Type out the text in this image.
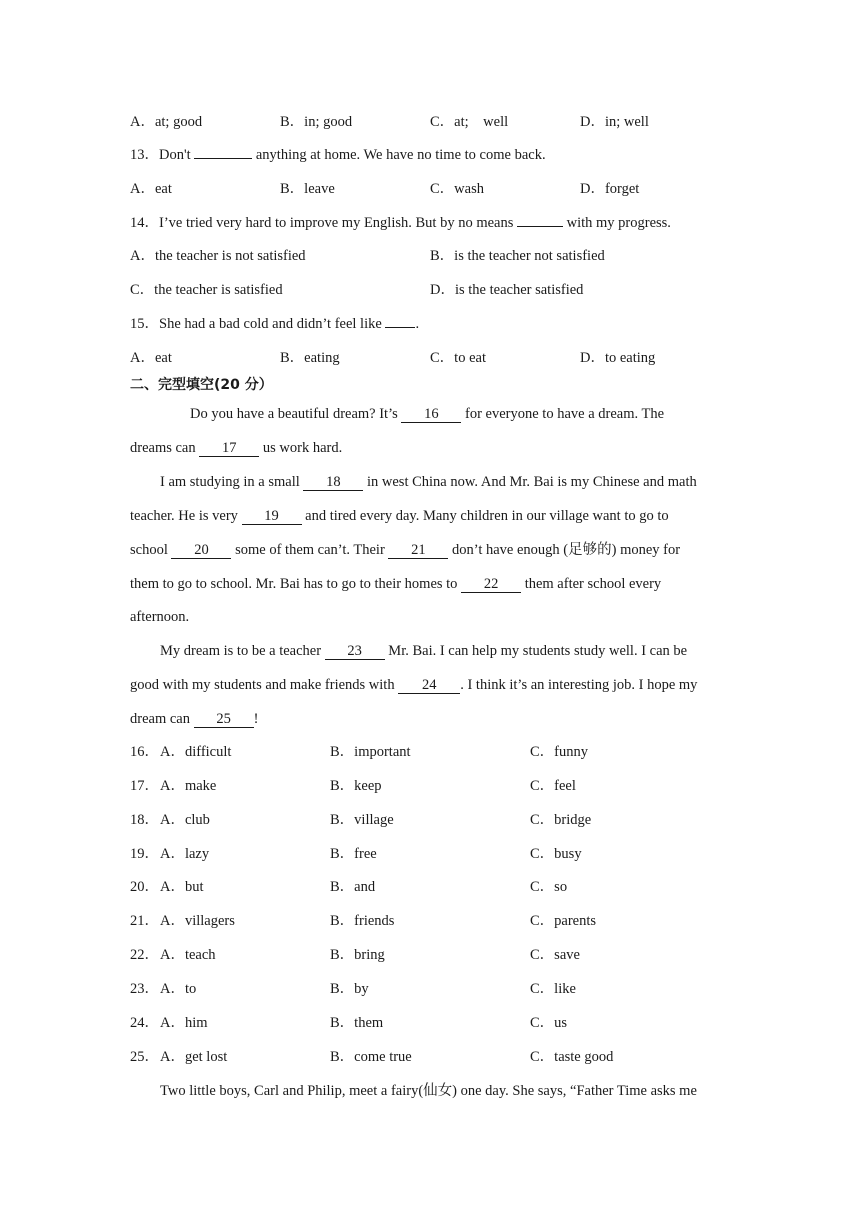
A．at; good	B．in; good	C．at;　well	D．in; well
13．Don't	anything at home. We have no time to come back.
A．eat	B．leave	C．wash	D．forget
14．I’ve tried very hard to improve my English. But by no means	with my progress.
A．the teacher is not satisfied	B．is the teacher not satisfied
C．the teacher is satisfied	D．is the teacher satisfied
15．She had a bad cold and didn’t feel like .
A．eat	B．eating	C．to eat	D．to eating
二、完型填空(20 分）
Do you have a beautiful dream? It’s 16 for everyone to have a dream. The
dreams can 17 us work hard.
I am studying in a small 18 in west China now. And Mr. Bai is my Chinese and math
teacher. He is very 19 and tired every day. Many children in our village want to go to
school 20 some of them can’t. Their 21 don’t have enough (足够的) money for
them to go to school. Mr. Bai has to go to their homes to 22 them after school every
afternoon.
My dream is to be a teacher 23 Mr. Bai. I can help my students study well. I can be
good with my students and make friends with 24 . I think it’s an interesting job. I hope my
dream can 25 !
16． A．difficult	B．important	C．funny
17． A．make	B．keep	C．feel
18． A．club	B．village	C．bridge
19． A．lazy	B．free	C．busy
20． A．but	B．and	C．so
21． A．villagers	B．friends	C．parents
22． A．teach	B．bring	C．save
23． A．to	B．by	C．like
24． A．him	B．them	C．us
25． A．get lost	B．come true	C．taste good
Two little boys, Carl and Philip, meet a fairy(仙女) one day. She says, “Father Time asks me
